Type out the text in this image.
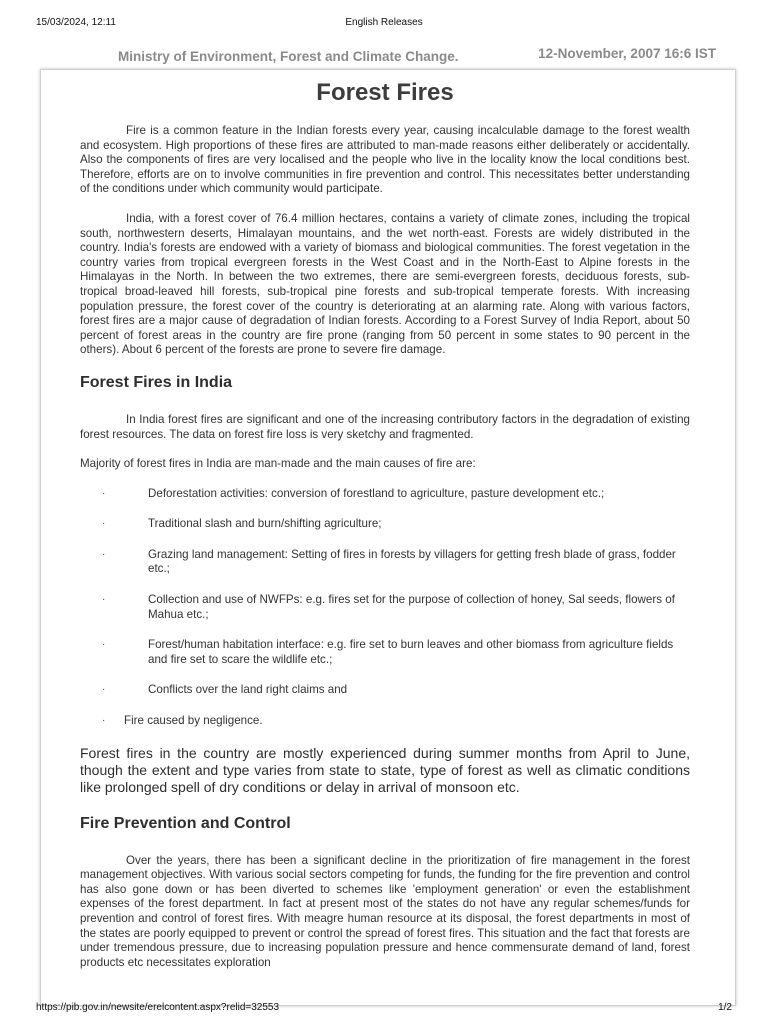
15/03/2024, 12:11	English Releases
Ministry of Environment, Forest and Climate Change.	12-November, 2007 16:6 IST
Forest Fires

Fire is a common feature in the Indian forests every year, causing incalculable damage to the forest wealth and ecosystem. High proportions of these fires are attributed to man-made reasons either deliberately or accidentally. Also the components of fires are very localised and the people who live in the locality know the local conditions best. Therefore, efforts are on to involve communities in fire prevention and control. This necessitates better understanding of the conditions under which community would participate.

India, with a forest cover of 76.4 million hectares, contains a variety of climate zones, including the tropical south, northwestern deserts, Himalayan mountains, and the wet north-east. Forests are widely distributed in the country. India's forests are endowed with a variety of biomass and biological communities. The forest vegetation in the country varies from tropical evergreen forests in the West Coast and in the North-East to Alpine forests in the Himalayas in the North. In between the two extremes, there are semi-evergreen forests, deciduous forests, sub-tropical broad-leaved hill forests, sub-tropical pine forests and sub-tropical temperate forests. With increasing population pressure, the forest cover of the country is deteriorating at an alarming rate. Along with various factors, forest fires are a major cause of degradation of Indian forests. According to a Forest Survey of India Report, about 50 percent of forest areas in the country are fire prone (ranging from 50 percent in some states to 90 percent in the others). About 6 percent of the forests are prone to severe fire damage.

Forest Fires in India

In India forest fires are significant and one of the increasing contributory factors in the degradation of existing forest resources. The data on forest fire loss is very sketchy and fragmented.

Majority of forest fires in India are man-made and the main causes of fire are:

·	Deforestation activities: conversion of forestland to agriculture, pasture development etc.;
·	Traditional slash and burn/shifting agriculture;
·	Grazing land management: Setting of fires in forests by villagers for getting fresh blade of grass, fodder etc.;
·	Collection and use of NWFPs: e.g. fires set for the purpose of collection of honey, Sal seeds, flowers of Mahua etc.;
·	Forest/human habitation interface: e.g. fire set to burn leaves and other biomass from agriculture fields and fire set to scare the wildlife etc.;
·	Conflicts over the land right claims and
· Fire caused by negligence.

Forest fires in the country are mostly experienced during summer months from April to June, though the extent and type varies from state to state, type of forest as well as climatic conditions like prolonged spell of dry conditions or delay in arrival of monsoon etc.

Fire Prevention and Control

Over the years, there has been a significant decline in the prioritization of fire management in the forest management objectives. With various social sectors competing for funds, the funding for the fire prevention and control has also gone down or has been diverted to schemes like 'employment generation' or even the establishment expenses of the forest department. In fact at present most of the states do not have any regular schemes/funds for prevention and control of forest fires. With meagre human resource at its disposal, the forest departments in most of the states are poorly equipped to prevent or control the spread of forest fires. This situation and the fact that forests are under tremendous pressure, due to increasing population pressure and hence commensurate demand of land, forest products etc necessitates exploration

https://pib.gov.in/newsite/erelcontent.aspx?relid=32553	1/2
